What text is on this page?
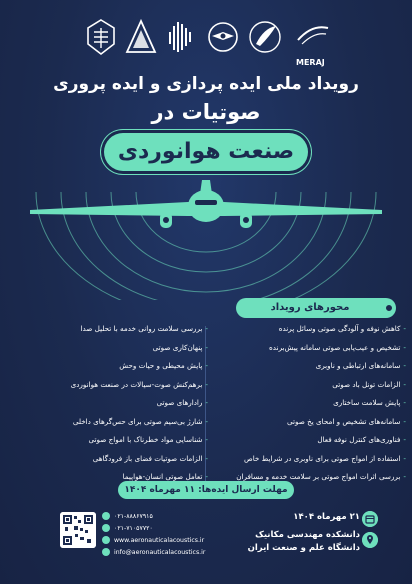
MERAJ
رویداد ملی ایده پردازی و ایده پروری
صوتیات در
صنعت هوانوردی
محورهای رویداد
-کاهش نوفه و آلودگی صوتی وسائل پرنده
-تشخیص و عیب‌یابی صوتی سامانه پیش‌برنده
-سامانه‌های ارتباطی و ناوبری
-الزامات تونل باد صوتی
-پایش سلامت ساختاری
-سامانه‌های تشخیص و امحای یخ صوتی
-فناوری‌های کنترل نوفه فعال
-استفاده از امواج صوتی برای ناوبری در شرایط خاص
-بررسی اثرات امواج صوتی بر سلامت خدمه و مسافران
-بررسی سلامت روانی خدمه با تحلیل صدا
-پنهان‌کاری صوتی
-پایش محیطی و حیات وحش
-برهم‌کنش صوت-سیالات در صنعت هوانوردی
-رادارهای صوتی
-شارژ بی‌سیم صوتی برای حس‌گرهای داخلی
-شناسایی مواد خطرناک با امواج صوتی
-الزامات صوتیات فضای باز فرودگاهی
-تعامل صوتی انسان-هواپیما
مهلت ارسال ایده‌ها: ۱۱ مهرماه ۱۴۰۴
۲۱ مهرماه ۱۴۰۴
دانشکده مهندسی مکانیک
دانشگاه علم و صنعت ایران
۰۲۱-۸۸۸۶۷۹۱۵
۰۲۱-۷۱۰۵۷۷۲۰
www.aeronauticalacoustics.ir
info@aeronauticalacoustics.ir
